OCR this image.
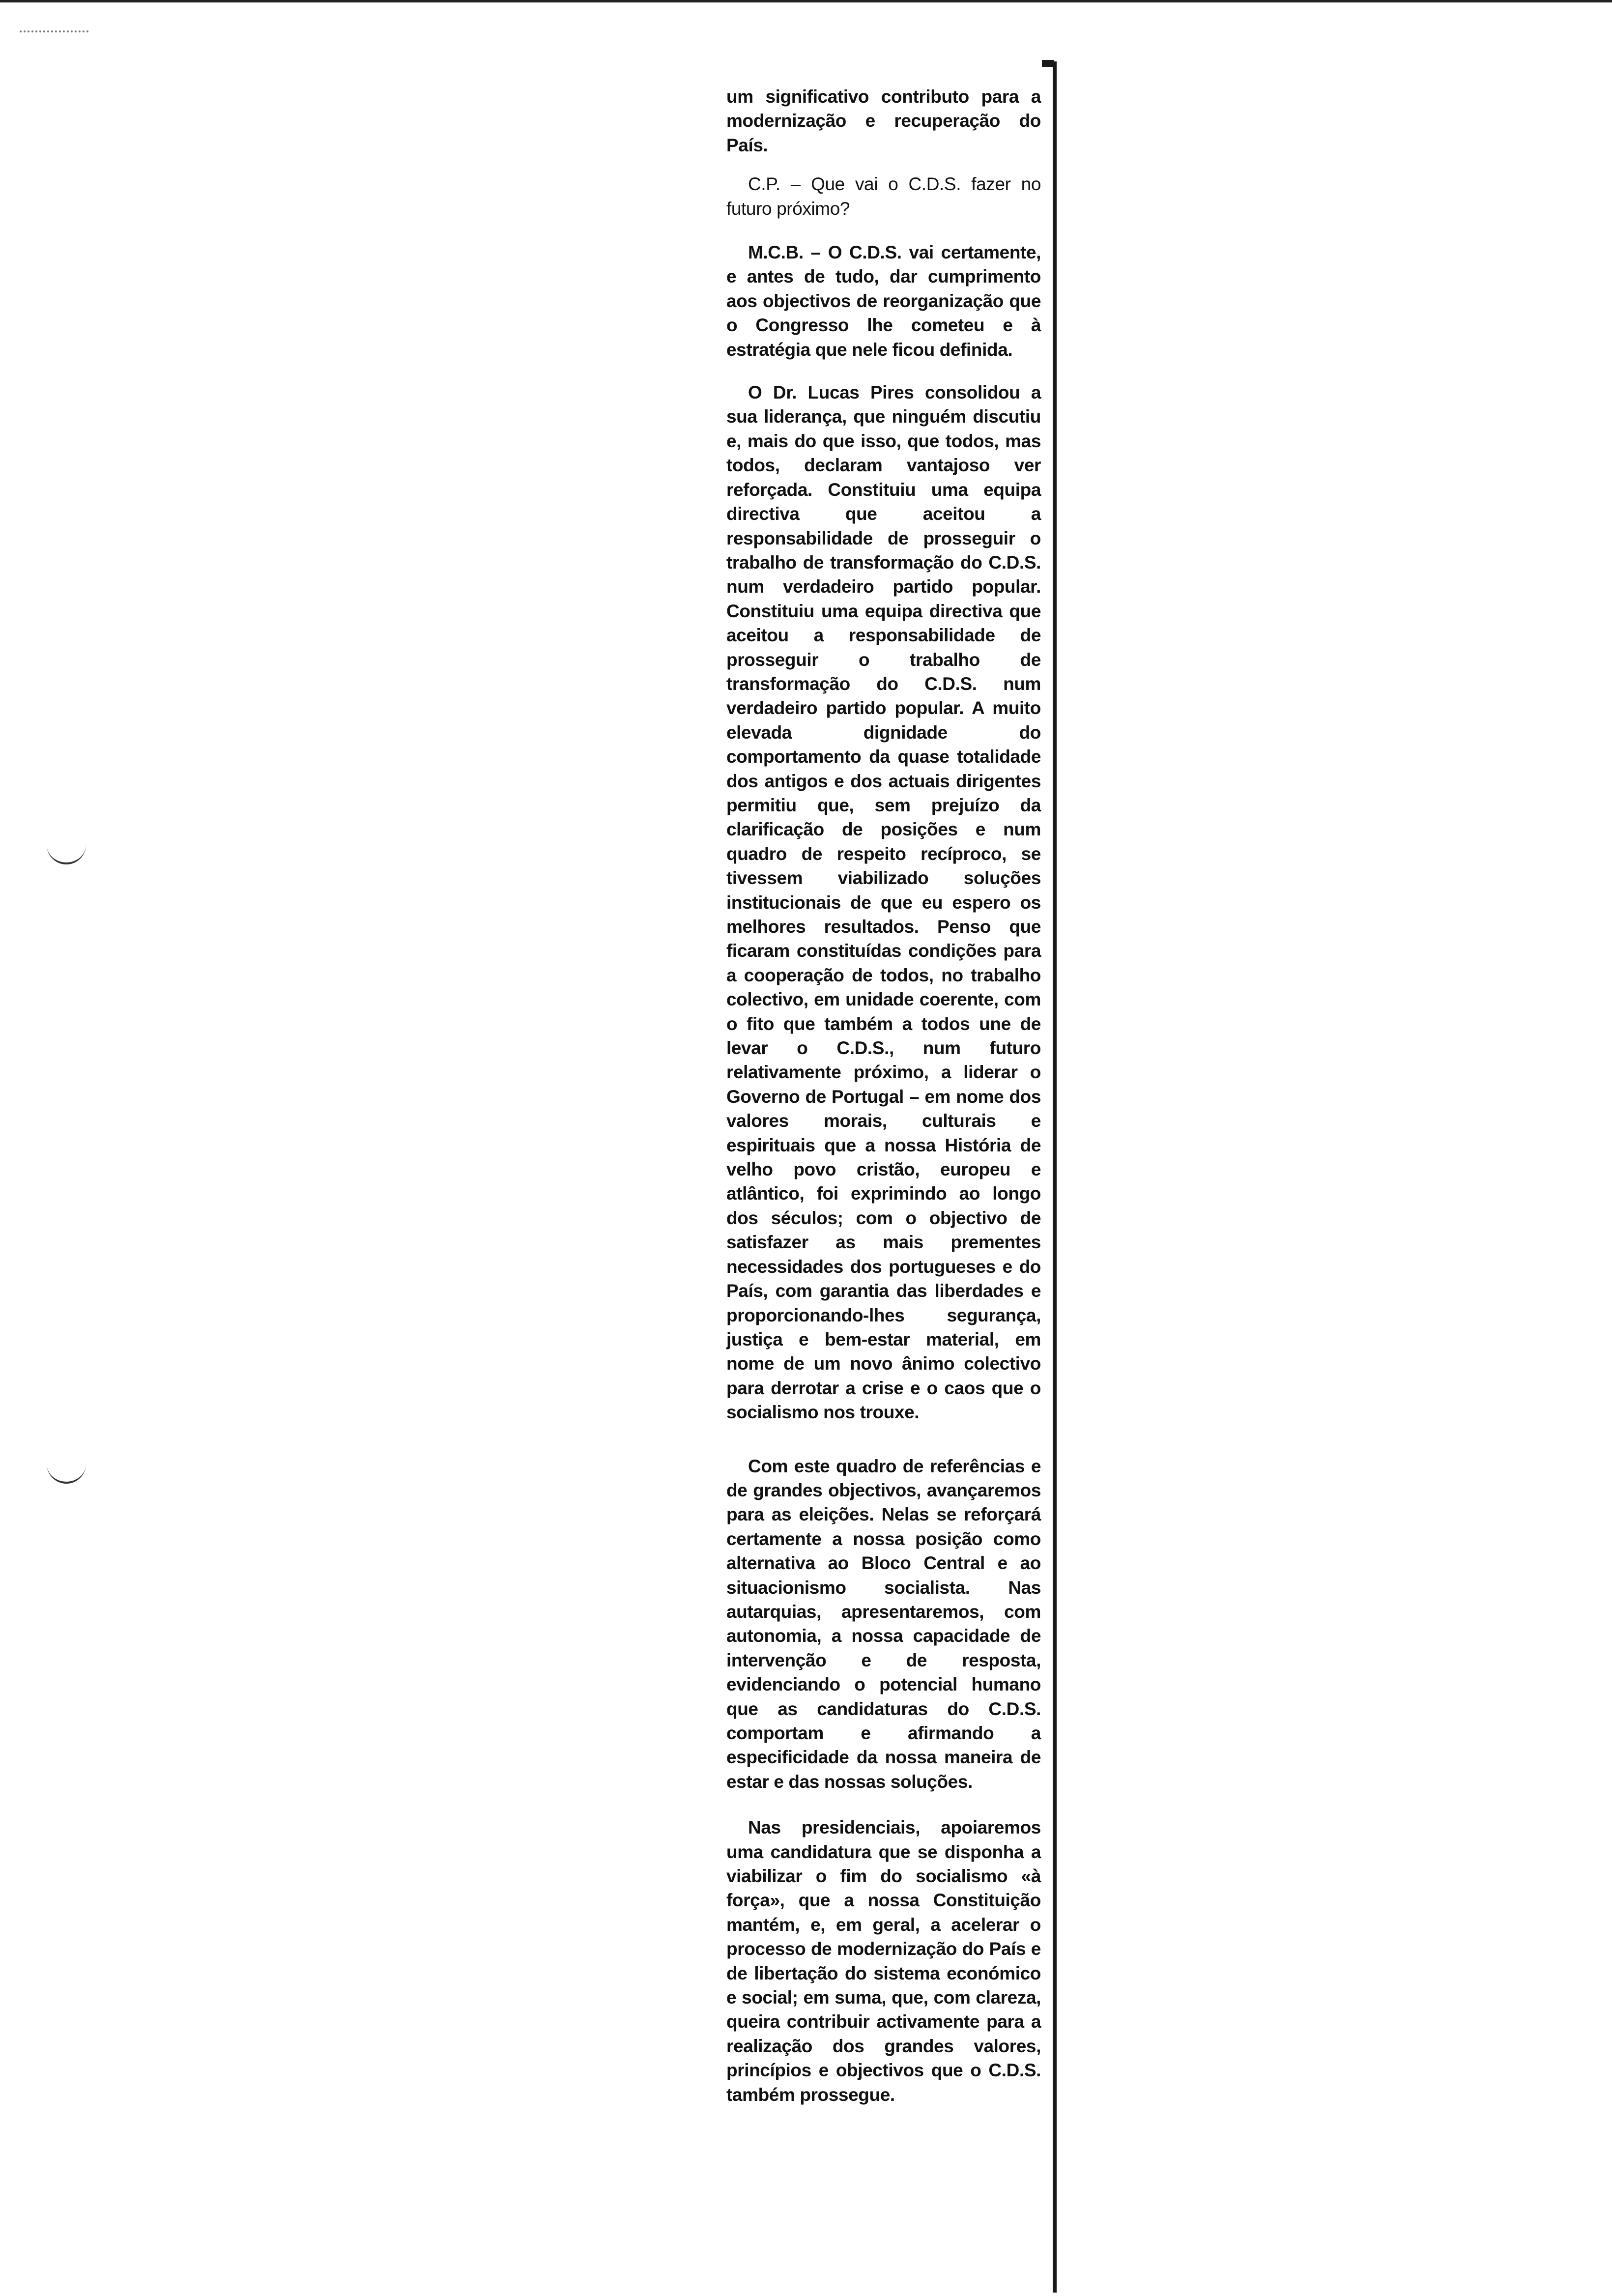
um significativo contributo para a modernização e recuperação do País.

C.P. – Que vai o C.D.S. fazer no futuro próximo?

M.C.B. – O C.D.S. vai certamente, e antes de tudo, dar cumprimento aos objectivos de reorganização que o Congresso lhe cometeu e à estratégia que nele ficou definida.

O Dr. Lucas Pires consolidou a sua liderança, que ninguém discutiu e, mais do que isso, que todos, mas todos, declaram vantajoso ver reforçada. Constituiu uma equipa directiva que aceitou a responsabilidade de prosseguir o trabalho de transformação do C.D.S. num verdadeiro partido popular. Constituiu uma equipa directiva que aceitou a responsabilidade de prosseguir o trabalho de transformação do C.D.S. num verdadeiro partido popular. A muito elevada dignidade do comportamento da quase totalidade dos antigos e dos actuais dirigentes permitiu que, sem prejuízo da clarificação de posições e num quadro de respeito recíproco, se tivessem viabilizado soluções institucionais de que eu espero os melhores resultados. Penso que ficaram constituídas condições para a cooperação de todos, no trabalho colectivo, em unidade coerente, com o fito que também a todos une de levar o C.D.S., num futuro relativamente próximo, a liderar o Governo de Portugal – em nome dos valores morais, culturais e espirituais que a nossa História de velho povo cristão, europeu e atlântico, foi exprimindo ao longo dos séculos; com o objectivo de satisfazer as mais prementes necessidades dos portugueses e do País, com garantia das liberdades e proporcionando-lhes segurança, justiça e bem-estar material, em nome de um novo ânimo colectivo para derrotar a crise e o caos que o socialismo nos trouxe.

Com este quadro de referências e de grandes objectivos, avançaremos para as eleições. Nelas se reforçará certamente a nossa posição como alternativa ao Bloco Central e ao situacionismo socialista. Nas autarquias, apresentaremos, com autonomia, a nossa capacidade de intervenção e de resposta, evidenciando o potencial humano que as candidaturas do C.D.S. comportam e afirmando a especificidade da nossa maneira de estar e das nossas soluções.

Nas presidenciais, apoiaremos uma candidatura que se disponha a viabilizar o fim do socialismo «à força», que a nossa Constituição mantém, e, em geral, a acelerar o processo de modernização do País e de libertação do sistema económico e social; em suma, que, com clareza, queira contribuir activamente para a realização dos grandes valores, princípios e objectivos que o C.D.S. também prossegue.
